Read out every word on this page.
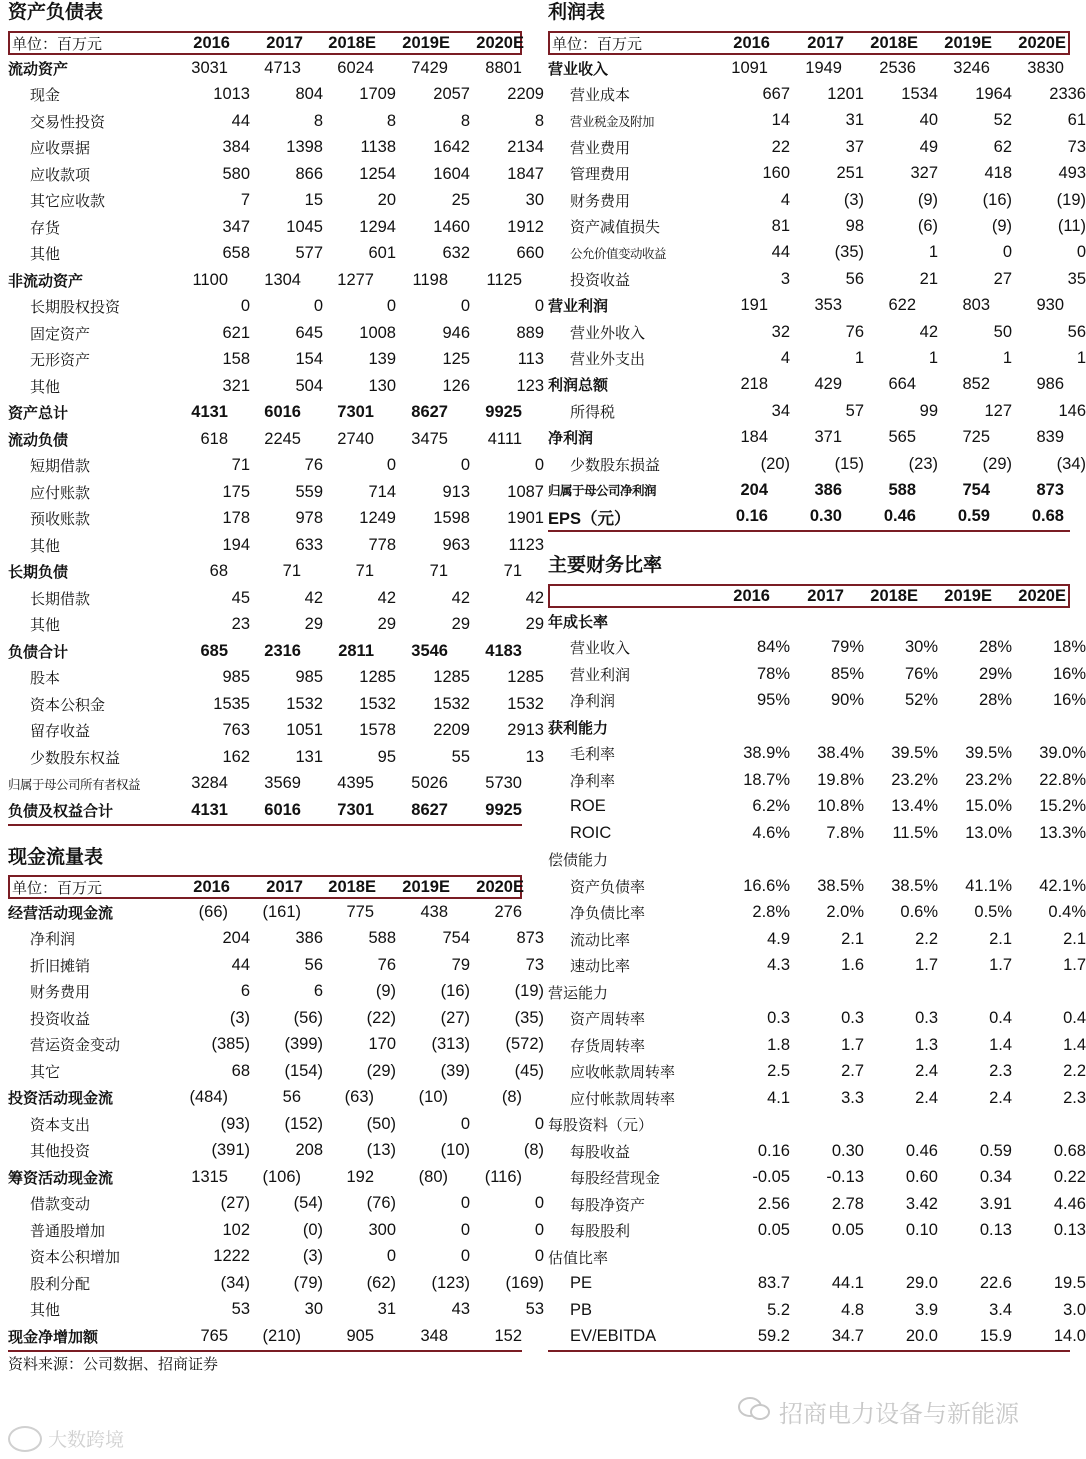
资产负债表
单位：百万元	2016	2017	2018E	2019E	2020E
流动资产	3031	4713	6024	7429	8801
现金	1013	804	1709	2057	2209
交易性投资	44	8	8	8	8
应收票据	384	1398	1138	1642	2134
应收款项	580	866	1254	1604	1847
其它应收款	7	15	20	25	30
存货	347	1045	1294	1460	1912
其他	658	577	601	632	660
非流动资产	1100	1304	1277	1198	1125
长期股权投资	0	0	0	0	0
固定资产	621	645	1008	946	889
无形资产	158	154	139	125	113
其他	321	504	130	126	123
资产总计	4131	6016	7301	8627	9925
流动负债	618	2245	2740	3475	4111
短期借款	71	76	0	0	0
应付账款	175	559	714	913	1087
预收账款	178	978	1249	1598	1901
其他	194	633	778	963	1123
长期负债	68	71	71	71	71
长期借款	45	42	42	42	42
其他	23	29	29	29	29
负债合计	685	2316	2811	3546	4183
股本	985	985	1285	1285	1285
资本公积金	1535	1532	1532	1532	1532
留存收益	763	1051	1578	2209	2913
少数股东权益	162	131	95	55	13
归属于母公司所有者权益	3284	3569	4395	5026	5730
负债及权益合计	4131	6016	7301	8627	9925
现金流量表
单位：百万元	2016	2017	2018E	2019E	2020E
经营活动现金流	(66)	(161)	775	438	276
净利润	204	386	588	754	873
折旧摊销	44	56	76	79	73
财务费用	6	6	(9)	(16)	(19)
投资收益	(3)	(56)	(22)	(27)	(35)
营运资金变动	(385)	(399)	170	(313)	(572)
其它	68	(154)	(29)	(39)	(45)
投资活动现金流	(484)	56	(63)	(10)	(8)
资本支出	(93)	(152)	(50)	0	0
其他投资	(391)	208	(13)	(10)	(8)
筹资活动现金流	1315	(106)	192	(80)	(116)
借款变动	(27)	(54)	(76)	0	0
普通股增加	102	(0)	300	0	0
资本公积增加	1222	(3)	0	0	0
股利分配	(34)	(79)	(62)	(123)	(169)
其他	53	30	31	43	53
现金净增加额	765	(210)	905	348	152
利润表
单位：百万元	2016	2017	2018E	2019E	2020E
营业收入	1091	1949	2536	3246	3830
营业成本	667	1201	1534	1964	2336
营业税金及附加	14	31	40	52	61
营业费用	22	37	49	62	73
管理费用	160	251	327	418	493
财务费用	4	(3)	(9)	(16)	(19)
资产减值损失	81	98	(6)	(9)	(11)
公允价值变动收益	44	(35)	1	0	0
投资收益	3	56	21	27	35
营业利润	191	353	622	803	930
营业外收入	32	76	42	50	56
营业外支出	4	1	1	1	1
利润总额	218	429	664	852	986
所得税	34	57	99	127	146
净利润	184	371	565	725	839
少数股东损益	(20)	(15)	(23)	(29)	(34)
归属于母公司净利润	204	386	588	754	873
EPS（元）	0.16	0.30	0.46	0.59	0.68
主要财务比率
2016	2017	2018E	2019E	2020E
年成长率
营业收入	84%	79%	30%	28%	18%
营业利润	78%	85%	76%	29%	16%
净利润	95%	90%	52%	28%	16%
获利能力
毛利率	38.9%	38.4%	39.5%	39.5%	39.0%
净利率	18.7%	19.8%	23.2%	23.2%	22.8%
ROE	6.2%	10.8%	13.4%	15.0%	15.2%
ROIC	4.6%	7.8%	11.5%	13.0%	13.3%
偿债能力
资产负债率	16.6%	38.5%	38.5%	41.1%	42.1%
净负债比率	2.8%	2.0%	0.6%	0.5%	0.4%
流动比率	4.9	2.1	2.2	2.1	2.1
速动比率	4.3	1.6	1.7	1.7	1.7
营运能力
资产周转率	0.3	0.3	0.3	0.4	0.4
存货周转率	1.8	1.7	1.3	1.4	1.4
应收帐款周转率	2.5	2.7	2.4	2.3	2.2
应付帐款周转率	4.1	3.3	2.4	2.4	2.3
每股资料（元）
每股收益	0.16	0.30	0.46	0.59	0.68
每股经营现金	-0.05	-0.13	0.60	0.34	0.22
每股净资产	2.56	2.78	3.42	3.91	4.46
每股股利	0.05	0.05	0.10	0.13	0.13
估值比率
PE	83.7	44.1	29.0	22.6	19.5
PB	5.2	4.8	3.9	3.4	3.0
EV/EBITDA	59.2	34.7	20.0	15.9	14.0
资料来源：公司数据、招商证券
招商电力设备与新能源
大数跨境
